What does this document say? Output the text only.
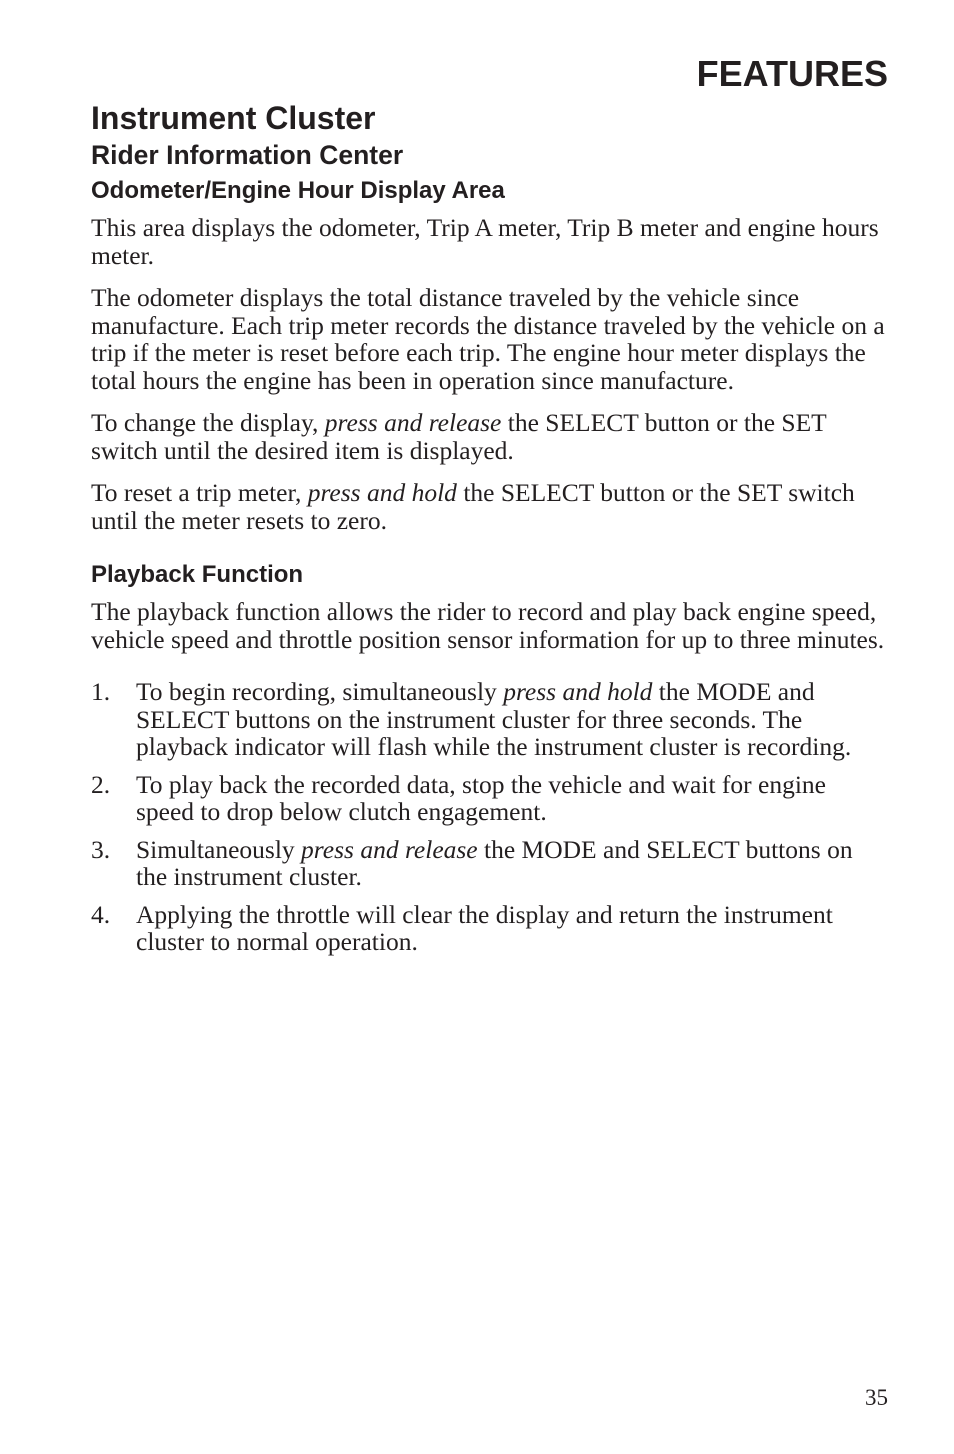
FEATURES
Instrument Cluster
Rider Information Center
Odometer/Engine Hour Display Area

This area displays the odometer, Trip A meter, Trip B meter and engine hours meter.

The odometer displays the total distance traveled by the vehicle since manufacture. Each trip meter records the distance traveled by the vehicle on a trip if the meter is reset before each trip. The engine hour meter displays the total hours the engine has been in operation since manufacture.

To change the display, press and release the SELECT button or the SET switch until the desired item is displayed.

To reset a trip meter, press and hold the SELECT button or the SET switch until the meter resets to zero.

Playback Function

The playback function allows the rider to record and play back engine speed, vehicle speed and throttle position sensor information for up to three minutes.

1.	To begin recording, simultaneously press and hold the MODE and SELECT buttons on the instrument cluster for three seconds. The playback indicator will flash while the instrument cluster is recording.
2.	To play back the recorded data, stop the vehicle and wait for engine speed to drop below clutch engagement.
3.	Simultaneously press and release the MODE and SELECT buttons on the instrument cluster.
4.	Applying the throttle will clear the display and return the instrument cluster to normal operation.

35
